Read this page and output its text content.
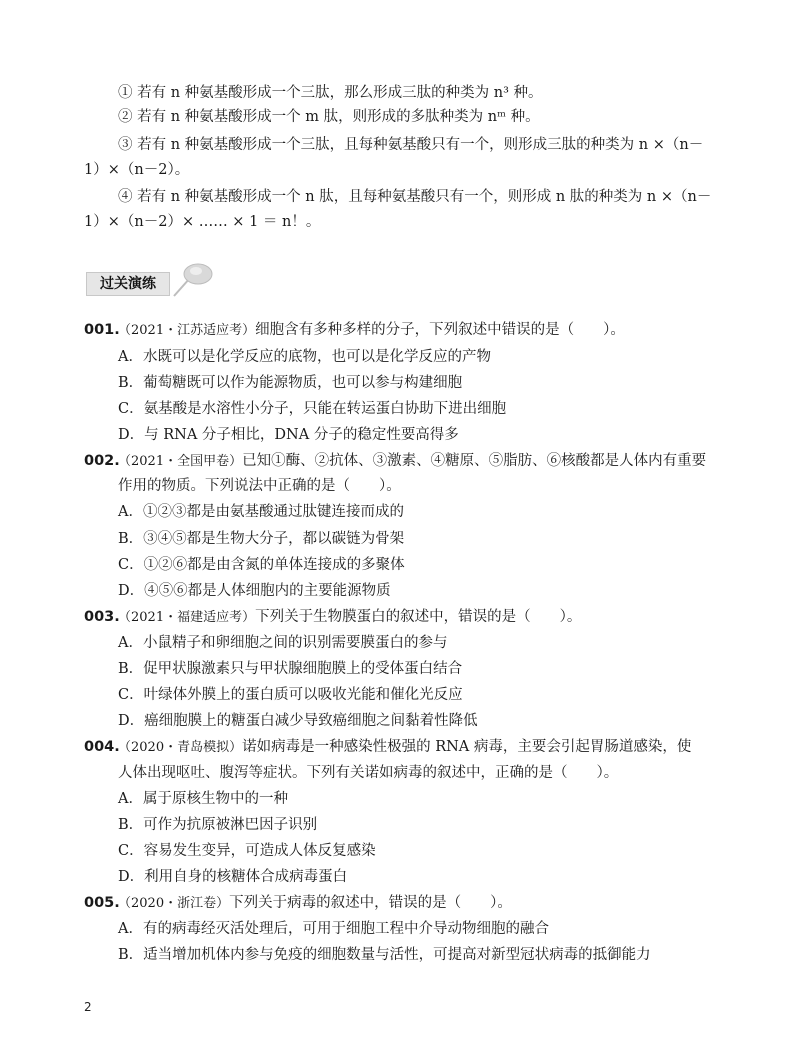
① 若有 n 种氨基酸形成一个三肽，那么形成三肽的种类为 n³ 种。
② 若有 n 种氨基酸形成一个 m 肽，则形成的多肽种类为 nᵐ 种。
③ 若有 n 种氨基酸形成一个三肽，且每种氨基酸只有一个，则形成三肽的种类为 n ×（n－
1）×（n－2）。
④ 若有 n 种氨基酸形成一个 n 肽，且每种氨基酸只有一个，则形成 n 肽的种类为 n ×（n－
1）×（n－2）× …… × 1 ＝ n！。
过关演练
001.
（2021・江苏适应考）细胞含有多种多样的分子，下列叙述中错误的是（　　）。
A．水既可以是化学反应的底物，也可以是化学反应的产物
B．葡萄糖既可以作为能源物质，也可以参与构建细胞
C．氨基酸是水溶性小分子，只能在转运蛋白协助下进出细胞
D．与 RNA 分子相比，DNA 分子的稳定性要高得多
002.
（2021・全国甲卷）已知①酶、②抗体、③激素、④糖原、⑤脂肪、⑥核酸都是人体内有重要
作用的物质。下列说法中正确的是（　　）。
A．①②③都是由氨基酸通过肽键连接而成的
B．③④⑤都是生物大分子，都以碳链为骨架
C．①②⑥都是由含氮的单体连接成的多聚体
D．④⑤⑥都是人体细胞内的主要能源物质
003.
（2021・福建适应考）下列关于生物膜蛋白的叙述中，错误的是（　　）。
A．小鼠精子和卵细胞之间的识别需要膜蛋白的参与
B．促甲状腺激素只与甲状腺细胞膜上的受体蛋白结合
C．叶绿体外膜上的蛋白质可以吸收光能和催化光反应
D．癌细胞膜上的糖蛋白减少导致癌细胞之间黏着性降低
004.
（2020・青岛模拟）诺如病毒是一种感染性极强的 RNA 病毒，主要会引起胃肠道感染，使
人体出现呕吐、腹泻等症状。下列有关诺如病毒的叙述中，正确的是（　　）。
A．属于原核生物中的一种
B．可作为抗原被淋巴因子识别
C．容易发生变异，可造成人体反复感染
D．利用自身的核糖体合成病毒蛋白
005.
（2020・浙江卷）下列关于病毒的叙述中，错误的是（　　）。
A．有的病毒经灭活处理后，可用于细胞工程中介导动物细胞的融合
B．适当增加机体内参与免疫的细胞数量与活性，可提高对新型冠状病毒的抵御能力
2
